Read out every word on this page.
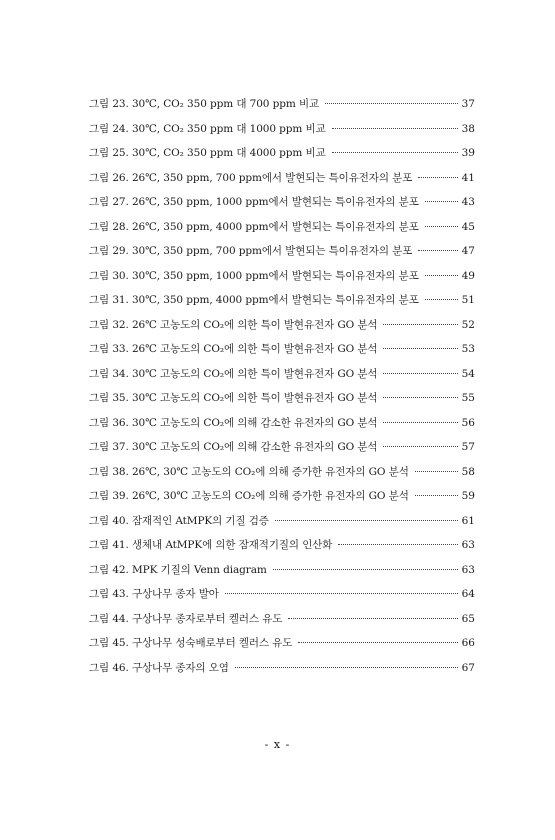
그림 23. 30℃, CO₂ 350 ppm 대 700 ppm 비교	37
그림 24. 30℃, CO₂ 350 ppm 대 1000 ppm 비교	38
그림 25. 30℃, CO₂ 350 ppm 대 4000 ppm 비교	39
그림 26. 26℃, 350 ppm, 700 ppm에서 발현되는 특이유전자의 분포	41
그림 27. 26℃, 350 ppm, 1000 ppm에서 발현되는 특이유전자의 분포	43
그림 28. 26℃, 350 ppm, 4000 ppm에서 발현되는 특이유전자의 분포	45
그림 29. 30℃, 350 ppm, 700 ppm에서 발현되는 특이유전자의 분포	47
그림 30. 30℃, 350 ppm, 1000 ppm에서 발현되는 특이유전자의 분포	49
그림 31. 30℃, 350 ppm, 4000 ppm에서 발현되는 특이유전자의 분포	51
그림 32. 26℃ 고농도의 CO₂에 의한 특이 발현유전자 GO 분석	52
그림 33. 26℃ 고농도의 CO₂에 의한 특이 발현유전자 GO 분석	53
그림 34. 30℃ 고농도의 CO₂에 의한 특이 발현유전자 GO 분석	54
그림 35. 30℃ 고농도의 CO₂에 의한 특이 발현유전자 GO 분석	55
그림 36. 30℃ 고농도의 CO₂에 의해 감소한 유전자의 GO 분석	56
그림 37. 30℃ 고농도의 CO₂에 의해 감소한 유전자의 GO 분석	57
그림 38. 26℃, 30℃ 고농도의 CO₂에 의해 증가한 유전자의 GO 분석	58
그림 39. 26℃, 30℃ 고농도의 CO₂에 의해 증가한 유전자의 GO 분석	59
그림 40. 잠재적인 AtMPK의 기질 검증	61
그림 41. 생체내 AtMPK에 의한 잠재적기질의 인산화	63
그림 42. MPK 기질의 Venn diagram	63
그림 43. 구상나무 종자 발아	64
그림 44. 구상나무 종자로부터 켈러스 유도	65
그림 45. 구상나무 성숙배로부터 켈러스 유도	66
그림 46. 구상나무 종자의 오염	67
- x -
